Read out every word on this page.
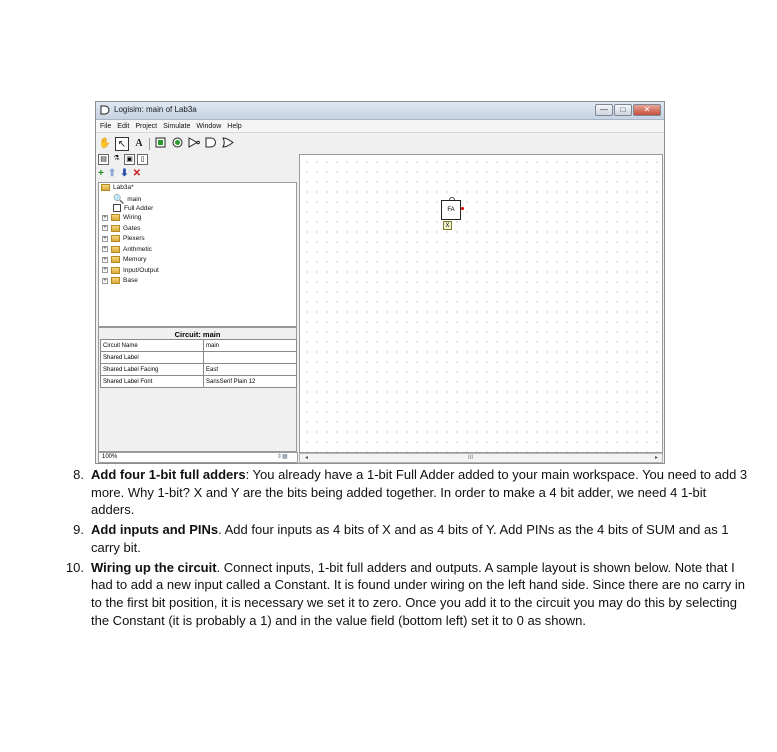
Logisim: main of Lab3a	—	□	✕
File Edit Project Simulate Window Help
✋ ↖ A
▤ ⚗ ▣	▯
+ ⬆ ⬇ ✕
Lab3a*
🔍 main
Full Adder
+	Wiring
+	Gates
+	Plexers
+	Arithmetic
+	Memory
+	Input/Output
+	Base
Circuit: main
Circuit Name	main
Shared Label	
Shared Label Facing	East
Shared Label Font	SansSerif Plain 12
100%
FA
X
◂	III	▸
⇕▦
8. Add four 1-bit full adders: You already have a 1-bit Full Adder added to your main workspace. You need to add 3 more. Why 1-bit? X and Y are the bits being added together. In order to make a 4 bit adder, we need 4 1-bit adders.
9. Add inputs and PINs. Add four inputs as 4 bits of X and as 4 bits of Y. Add PINs as the 4 bits of SUM and as 1 carry bit.
10. Wiring up the circuit. Connect inputs, 1-bit full adders and outputs. A sample layout is shown below. Note that I had to add a new input called a Constant. It is found under wiring on the left hand side. Since there are no carry in to the first bit position, it is necessary we set it to zero. Once you add it to the circuit you may do this by selecting the Constant (it is probably a 1) and in the value field (bottom left) set it to 0 as shown.
